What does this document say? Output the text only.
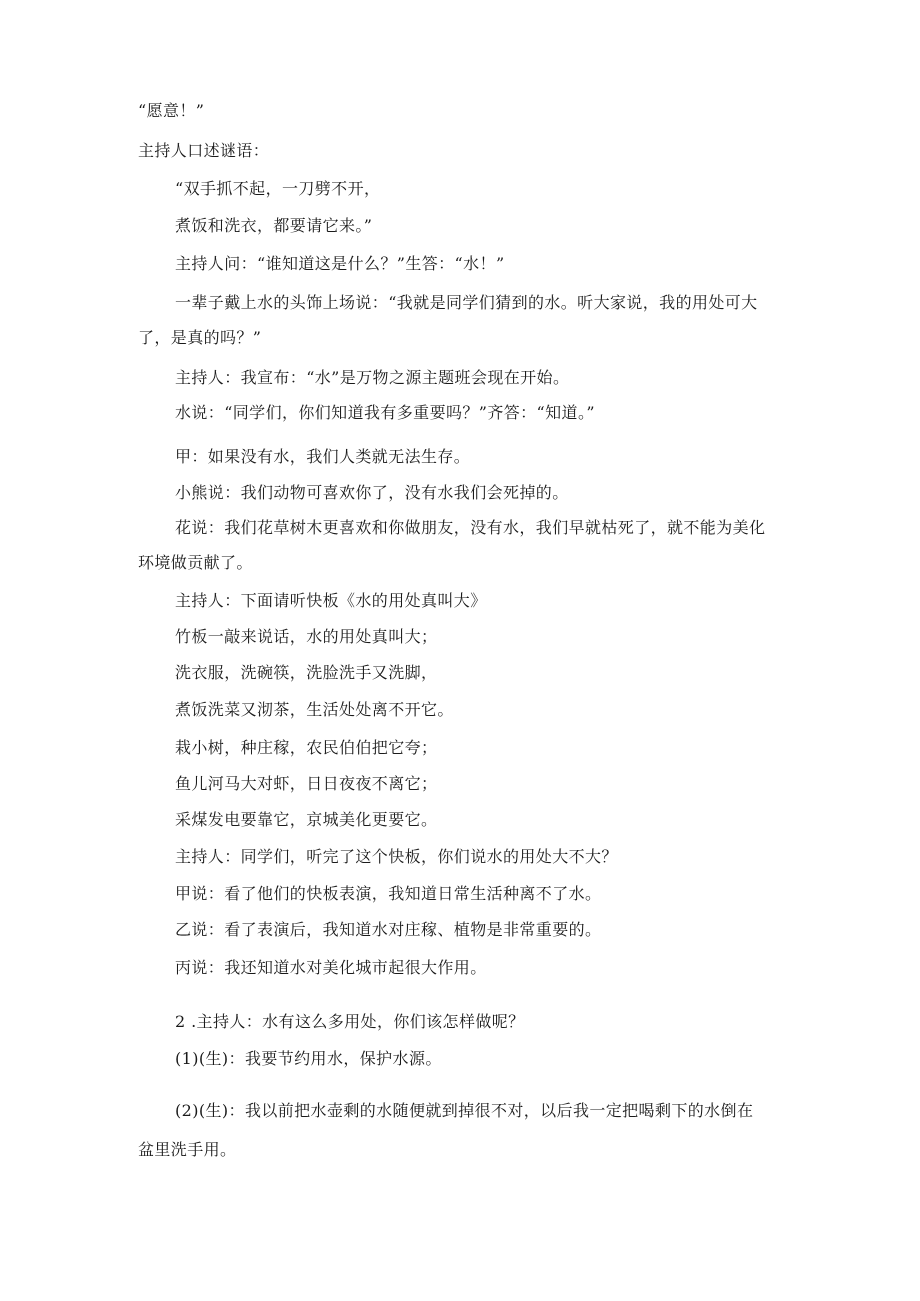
“愿意！”
主持人口述谜语：
“双手抓不起，一刀劈不开，
煮饭和洗衣，都要请它来。”
主持人问：“谁知道这是什么？”生答：“水！”
一辈子戴上水的头饰上场说：“我就是同学们猜到的水。听大家说，我的用处可大
了，是真的吗？”
主持人：我宣布：“水”是万物之源主题班会现在开始。
水说：“同学们，你们知道我有多重要吗？”齐答：“知道。”
甲：如果没有水，我们人类就无法生存。
小熊说：我们动物可喜欢你了，没有水我们会死掉的。
花说：我们花草树木更喜欢和你做朋友，没有水，我们早就枯死了，就不能为美化
环境做贡献了。
主持人：下面请听快板《水的用处真叫大》
竹板一敲来说话，水的用处真叫大；
洗衣服，洗碗筷，洗脸洗手又洗脚，
煮饭洗菜又沏茶，生活处处离不开它。
栽小树，种庄稼，农民伯伯把它夸；
鱼儿河马大对虾，日日夜夜不离它；
采煤发电要靠它，京城美化更要它。
主持人：同学们，听完了这个快板，你们说水的用处大不大？
甲说：看了他们的快板表演，我知道日常生活种离不了水。
乙说：看了表演后，我知道水对庄稼、植物是非常重要的。
丙说：我还知道水对美化城市起很大作用。
2 .主持人：水有这么多用处，你们该怎样做呢？
(1)(生)：我要节约用水，保护水源。
(2)(生)：我以前把水壶剩的水随便就到掉很不对，以后我一定把喝剩下的水倒在
盆里洗手用。
